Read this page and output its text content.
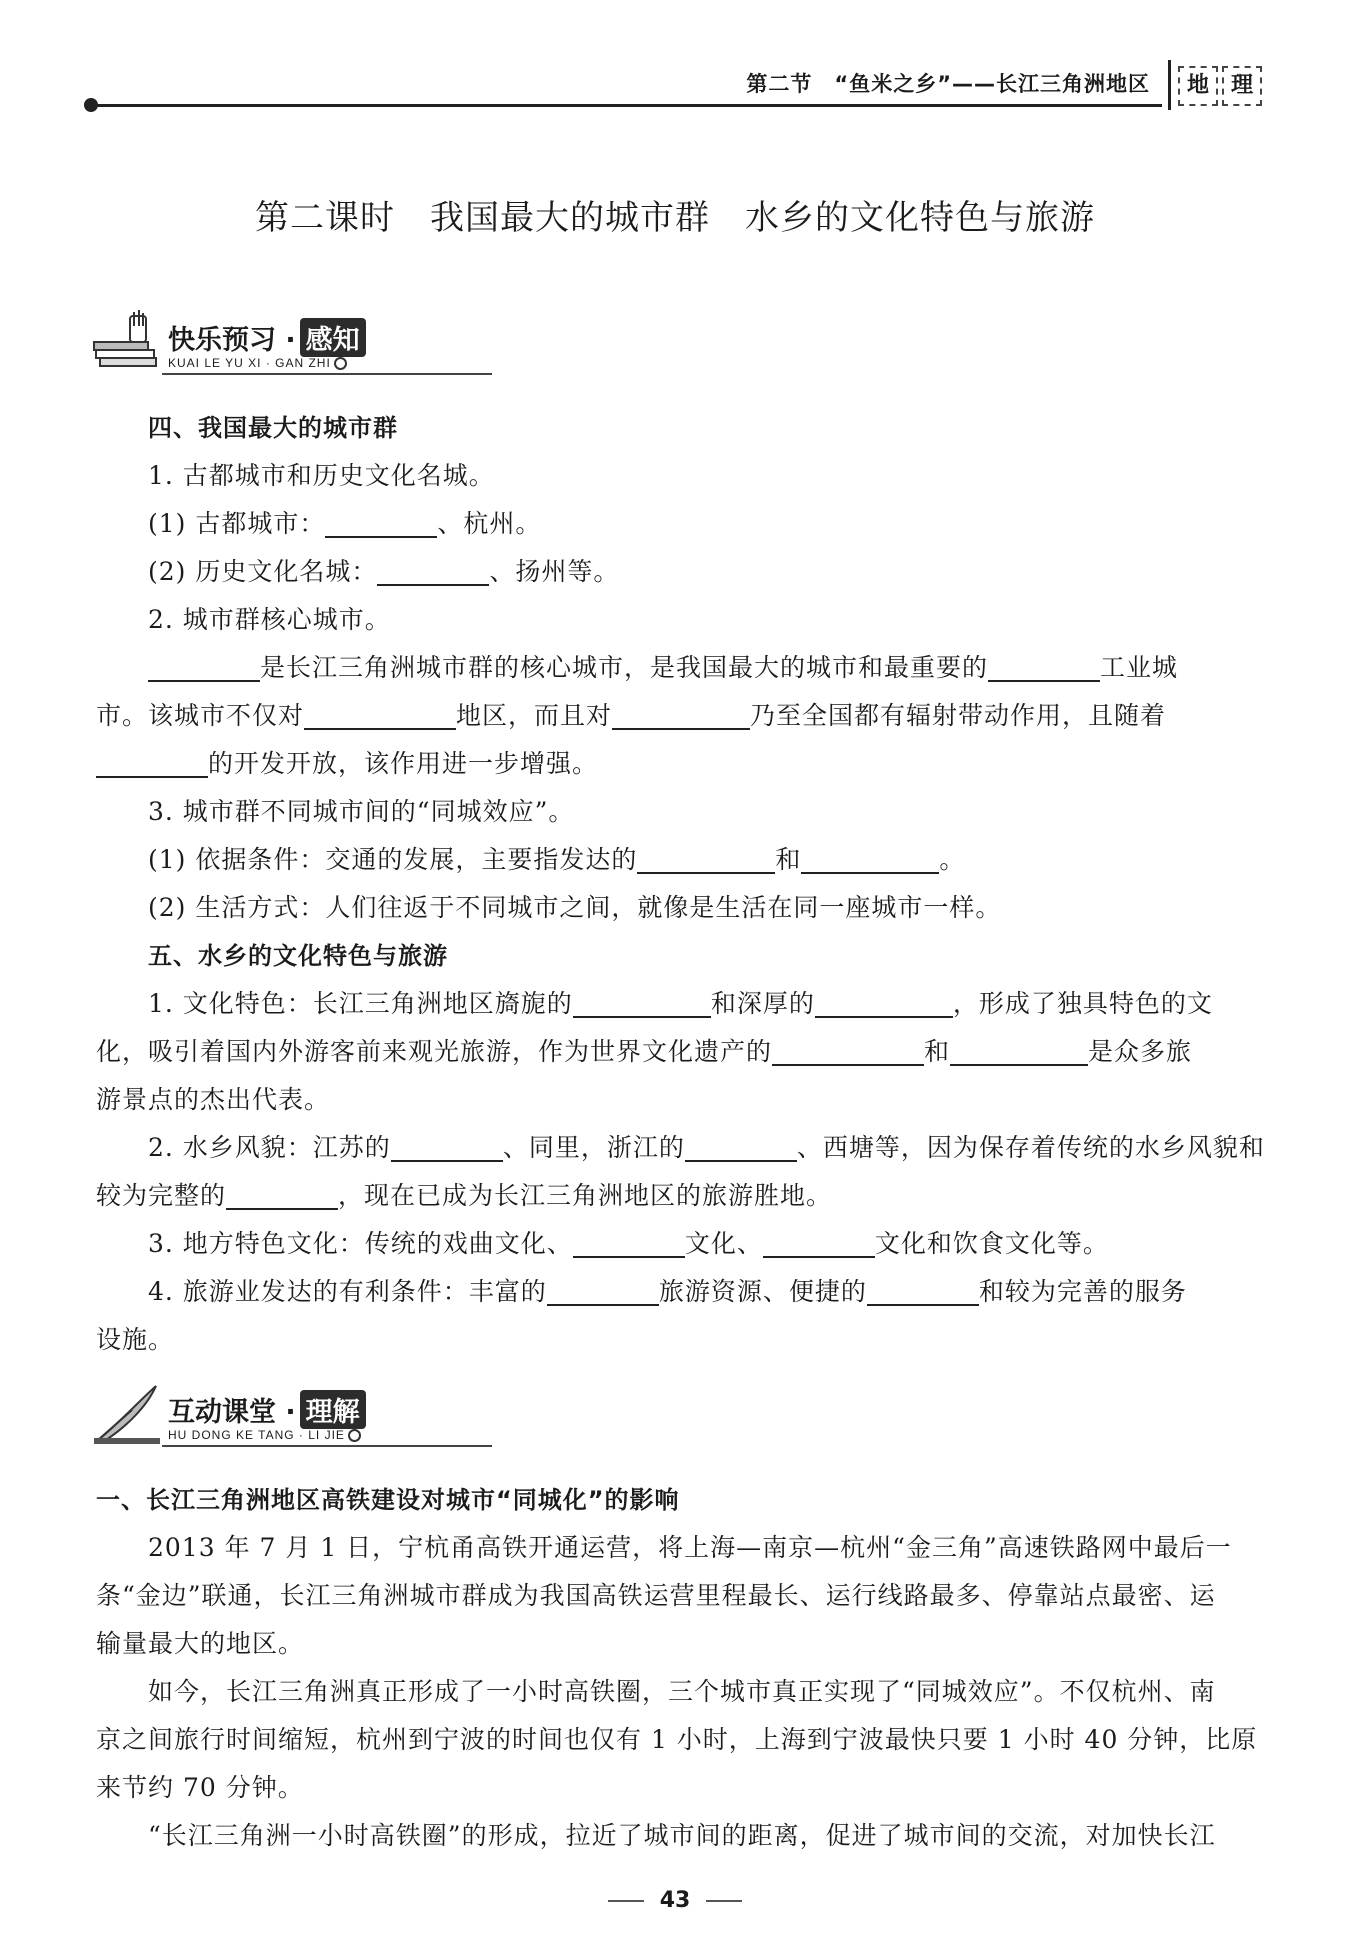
第二节　“鱼米之乡”——长江三角洲地区	地 理
第二课时　我国最大的城市群　水乡的文化特色与旅游
快乐预习 · 感知
KUAI LE YU XI · GAN ZHI
四、我国最大的城市群
1. 古都城市和历史文化名城。
(1) 古都城市：	、杭州。
(2) 历史文化名城：	、扬州等。
2. 城市群核心城市。
是长江三角洲城市群的核心城市，是我国最大的城市和最重要的	工业城
市。该城市不仅对	地区，而且对	乃至全国都有辐射带动作用，且随着
的开发开放，该作用进一步增强。
3. 城市群不同城市间的“同城效应”。
(1) 依据条件：交通的发展，主要指发达的	和	。
(2) 生活方式：人们往返于不同城市之间，就像是生活在同一座城市一样。
五、水乡的文化特色与旅游
1. 文化特色：长江三角洲地区旖旎的	和深厚的	，形成了独具特色的文
化，吸引着国内外游客前来观光旅游，作为世界文化遗产的	和	是众多旅
游景点的杰出代表。
2. 水乡风貌：江苏的	、同里，浙江的	、西塘等，因为保存着传统的水乡风貌和
较为完整的	，现在已成为长江三角洲地区的旅游胜地。
3. 地方特色文化：传统的戏曲文化、	文化、	文化和饮食文化等。
4. 旅游业发达的有利条件：丰富的	旅游资源、便捷的	和较为完善的服务
设施。
互动课堂 · 理解
HU DONG KE TANG · LI JIE
一、长江三角洲地区高铁建设对城市“同城化”的影响
2013 年 7 月 1 日，宁杭甬高铁开通运营，将上海—南京—杭州“金三角”高速铁路网中最后一
条“金边”联通，长江三角洲城市群成为我国高铁运营里程最长、运行线路最多、停靠站点最密、运
输量最大的地区。
如今，长江三角洲真正形成了一小时高铁圈，三个城市真正实现了“同城效应”。不仅杭州、南
京之间旅行时间缩短，杭州到宁波的时间也仅有 1 小时，上海到宁波最快只要 1 小时 40 分钟，比原
来节约 70 分钟。
“长江三角洲一小时高铁圈”的形成，拉近了城市间的距离，促进了城市间的交流，对加快长江
43
